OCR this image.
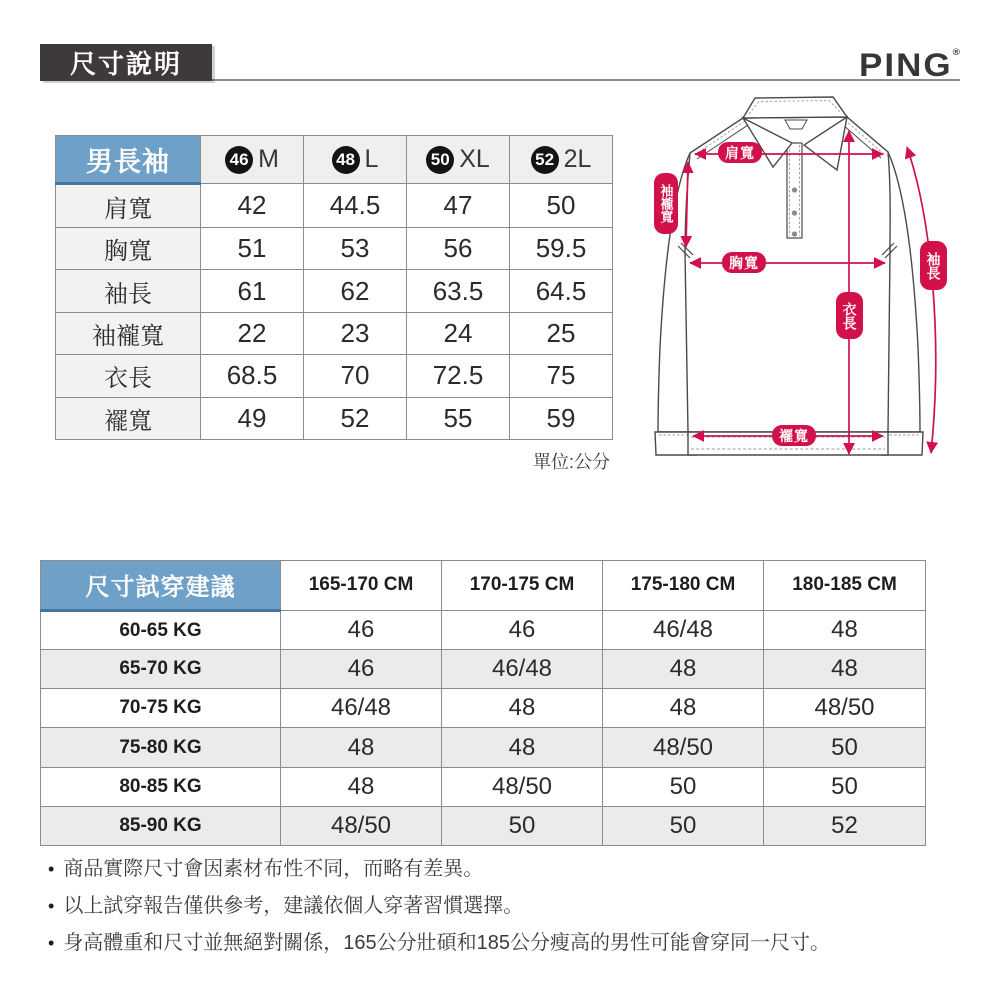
尺寸說明	PING®
男長袖	46 M	48 L	50 XL	52 2L
肩寬	42	44.5	47	50
胸寬	51	53	56	59.5
袖長	61	62	63.5	64.5
袖襱寬	22	23	24	25
衣長	68.5	70	72.5	75
襬寬	49	52	55	59
單位:公分
肩寬
袖襱寬
胸寬
衣長
袖長
襬寬
尺寸試穿建議	165-170 CM	170-175 CM	175-180 CM	180-185 CM
60-65 KG	46	46	46/48	48
65-70 KG	46	46/48	48	48
70-75 KG	46/48	48	48	48/50
75-80 KG	48	48	48/50	50
80-85 KG	48	48/50	50	50
85-90 KG	48/50	50	50	52
• 商品實際尺寸會因素材布性不同，而略有差異。
• 以上試穿報告僅供參考，建議依個人穿著習慣選擇。
• 身高體重和尺寸並無絕對關係，165公分壯碩和185公分瘦高的男性可能會穿同一尺寸。
